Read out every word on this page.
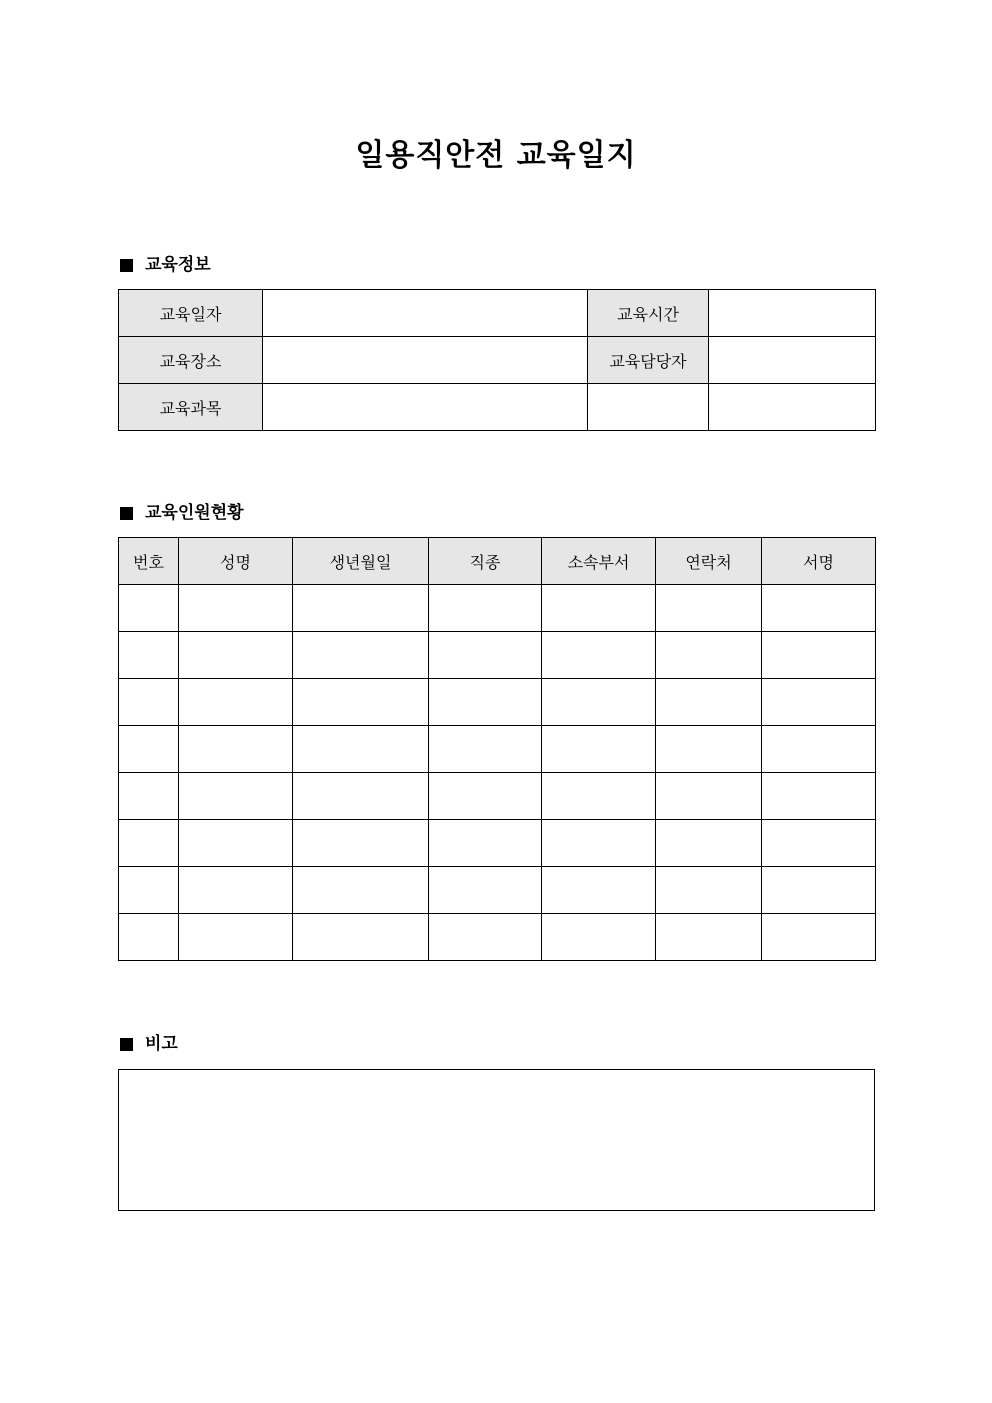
일용직안전 교육일지
교육정보
교육일자		교육시간	
교육장소		교육담당자	
교육과목			
교육인원현황
번호	성명	생년월일	직종	소속부서	연락처	서명

비고
